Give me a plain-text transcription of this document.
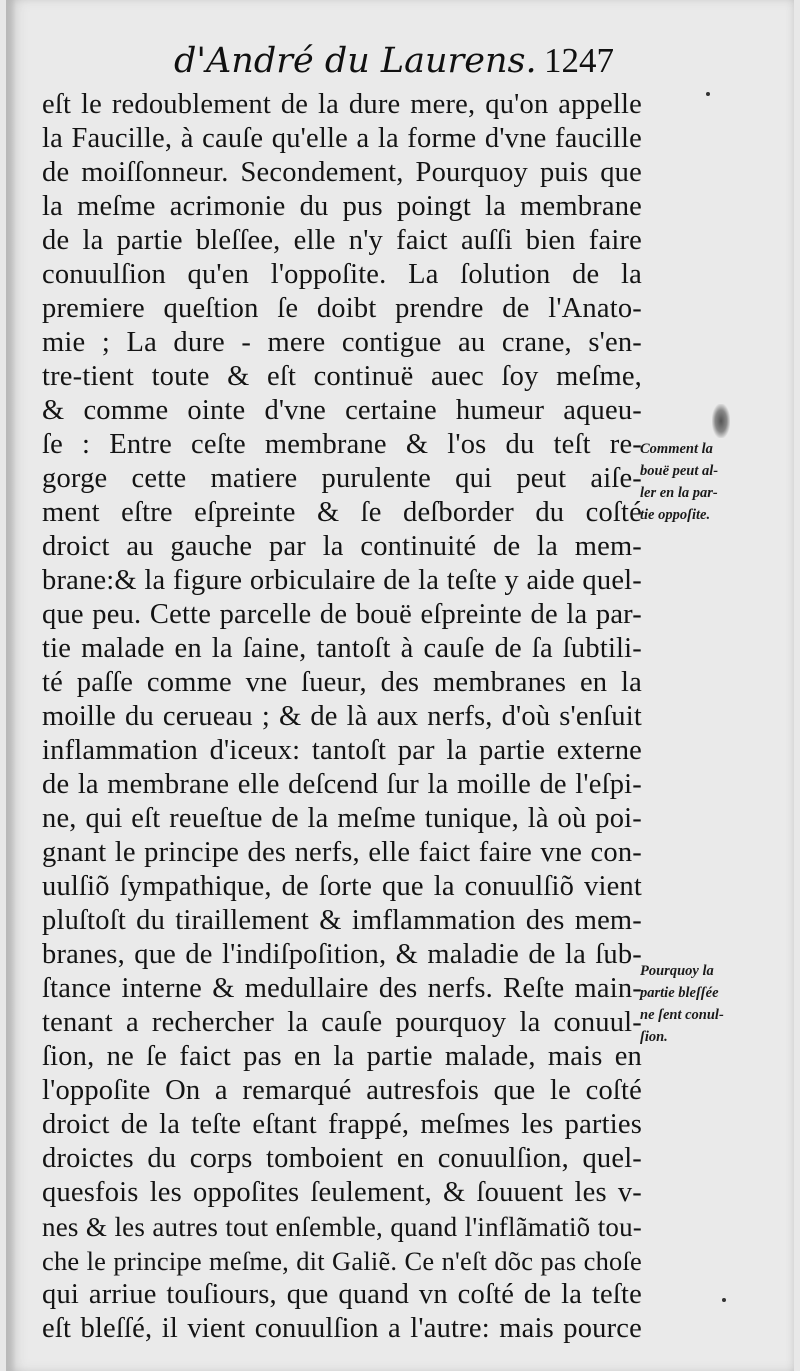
d'André du Laurens. 1247
eſt le redoublement de la dure mere, qu'on appelle
la Faucille, à cauſe qu'elle a la forme d'vne faucille
de moiſſonneur. Secondement, Pourquoy puis que
la meſme acrimonie du pus poingt la membrane
de la partie bleſſee, elle n'y faict auſſi bien faire
conuulſion qu'en l'oppoſite. La ſolution de la
premiere queſtion ſe doibt prendre de l'Anato-
mie ; La dure - mere contigue au crane, s'en-
tre-tient toute & eſt continuë auec ſoy meſme,
& comme ointe d'vne certaine humeur aqueu-
ſe : Entre ceſte membrane & l'os du teſt re-
gorge cette matiere purulente qui peut aiſe-
ment eſtre eſpreinte & ſe deſborder du coſté
droict au gauche par la continuité de la mem-
brane:& la figure orbiculaire de la teſte y aide quel-
que peu. Cette parcelle de bouë eſpreinte de la par-
tie malade en la ſaine, tantoſt à cauſe de ſa ſubtili-
té paſſe comme vne ſueur, des membranes en la
moille du cerueau ; & de là aux nerfs, d'où s'enſuit
inflammation d'iceux: tantoſt par la partie externe
de la membrane elle deſcend ſur la moille de l'eſpi-
ne, qui eſt reueſtue de la meſme tunique, là où poi-
gnant le principe des nerfs, elle faict faire vne con-
uulſiõ ſympathique, de ſorte que la conuulſiõ vient
pluſtoſt du tiraillement & imflammation des mem-
branes, que de l'indiſpoſition, & maladie de la ſub-
ſtance interne & medullaire des nerfs. Reſte main-
tenant a rechercher la cauſe pourquoy la conuul-
ſion, ne ſe faict pas en la partie malade, mais en
l'oppoſite On a remarqué autresfois que le coſté
droict de la teſte eſtant frappé, meſmes les parties
droictes du corps tomboient en conuulſion, quel-
quesfois les oppoſites ſeulement, & ſouuent les v-
nes & les autres tout enſemble, quand l'inflãmatiõ tou-
che le principe meſme, dit Galiẽ. Ce n'eſt dõc pas choſe
qui arriue touſiours, que quand vn coſté de la teſte
eſt bleſſé, il vient conuulſion a l'autre: mais pource
Comment la
bouë peut al-
ler en la par-
tie oppoſite.
Pourquoy la
partie bleſſée
ne ſent conul-
ſion.
